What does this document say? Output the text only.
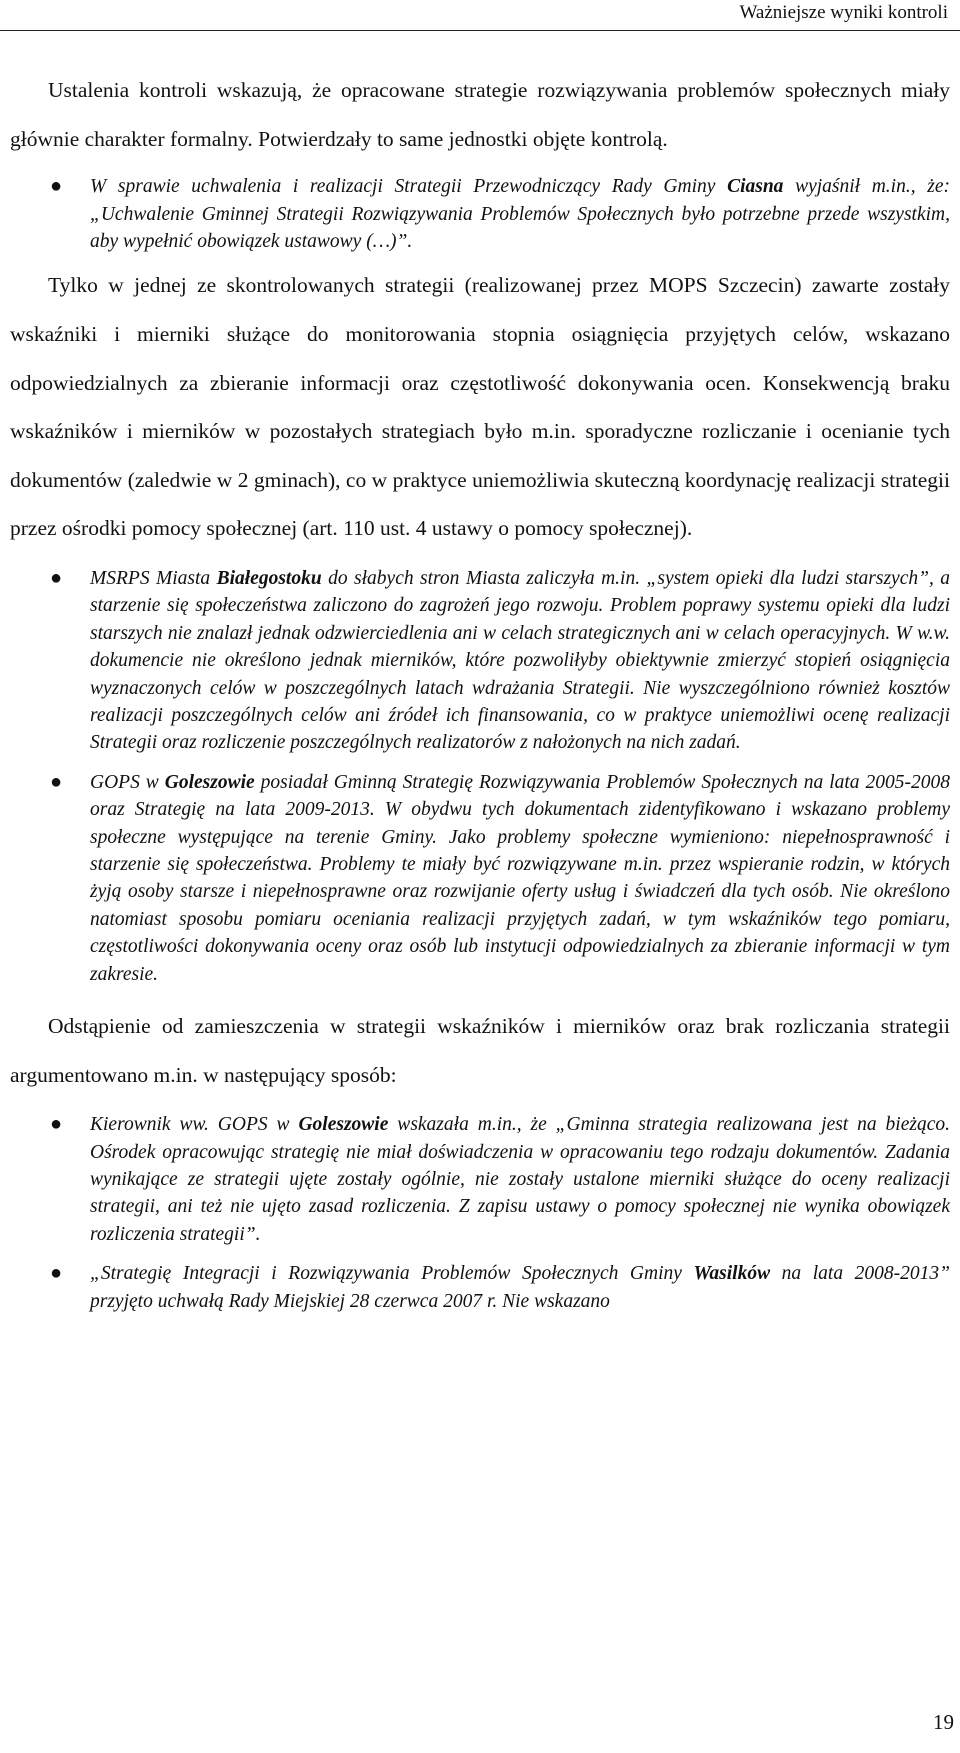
Ważniejsze wyniki kontroli

Ustalenia kontroli wskazują, że opracowane strategie rozwiązywania problemów społecznych miały głównie charakter formalny. Potwierdzały to same jednostki objęte kontrolą.

● W sprawie uchwalenia i realizacji Strategii Przewodniczący Rady Gminy Ciasna wyjaśnił m.in., że: „Uchwalenie Gminnej Strategii Rozwiązywania Problemów Społecznych było potrzebne przede wszystkim, aby wypełnić obowiązek ustawowy (…)”.

Tylko w jednej ze skontrolowanych strategii (realizowanej przez MOPS Szczecin) zawarte zostały wskaźniki i mierniki służące do monitorowania stopnia osiągnięcia przyjętych celów, wskazano odpowiedzialnych za zbieranie informacji oraz częstotliwość dokonywania ocen. Konsekwencją braku wskaźników i mierników w pozostałych strategiach było m.in. sporadyczne rozliczanie i ocenianie tych dokumentów (zaledwie w 2 gminach), co w praktyce uniemożliwia skuteczną koordynację realizacji strategii przez ośrodki pomocy społecznej (art. 110 ust. 4 ustawy o pomocy społecznej).

● MSRPS Miasta Białegostoku do słabych stron Miasta zaliczyła m.in. „system opieki dla ludzi starszych”, a starzenie się społeczeństwa zaliczono do zagrożeń jego rozwoju. Problem poprawy systemu opieki dla ludzi starszych nie znalazł jednak odzwierciedlenia ani w celach strategicznych ani w celach operacyjnych. W w.w. dokumencie nie określono jednak mierników, które pozwoliłyby obiektywnie zmierzyć stopień osiągnięcia wyznaczonych celów w poszczególnych latach wdrażania Strategii. Nie wyszczególniono również kosztów realizacji poszczególnych celów ani źródeł ich finansowania, co w praktyce uniemożliwi ocenę realizacji Strategii oraz rozliczenie poszczególnych realizatorów z nałożonych na nich zadań.

● GOPS w Goleszowie posiadał Gminną Strategię Rozwiązywania Problemów Społecznych na lata 2005-2008 oraz Strategię na lata 2009-2013. W obydwu tych dokumentach zidentyfikowano i wskazano problemy społeczne występujące na terenie Gminy. Jako problemy społeczne wymieniono: niepełnosprawność i starzenie się społeczeństwa. Problemy te miały być rozwiązywane m.in. przez wspieranie rodzin, w których żyją osoby starsze i niepełnosprawne oraz rozwijanie oferty usług i świadczeń dla tych osób. Nie określono natomiast sposobu pomiaru oceniania realizacji przyjętych zadań, w tym wskaźników tego pomiaru, częstotliwości dokonywania oceny oraz osób lub instytucji odpowiedzialnych za zbieranie informacji w tym zakresie.

Odstąpienie od zamieszczenia w strategii wskaźników i mierników oraz brak rozliczania strategii argumentowano m.in. w następujący sposób:

● Kierownik ww. GOPS w Goleszowie wskazała m.in., że „Gminna strategia realizowana jest na bieżąco. Ośrodek opracowując strategię nie miał doświadczenia w opracowaniu tego rodzaju dokumentów. Zadania wynikające ze strategii ujęte zostały ogólnie, nie zostały ustalone mierniki służące do oceny realizacji strategii, ani też nie ujęto zasad rozliczenia. Z zapisu ustawy o pomocy społecznej nie wynika obowiązek rozliczenia strategii”.

● „Strategię Integracji i Rozwiązywania Problemów Społecznych Gminy Wasilków na lata 2008-2013” przyjęto uchwałą Rady Miejskiej 28 czerwca 2007 r. Nie wskazano

19
